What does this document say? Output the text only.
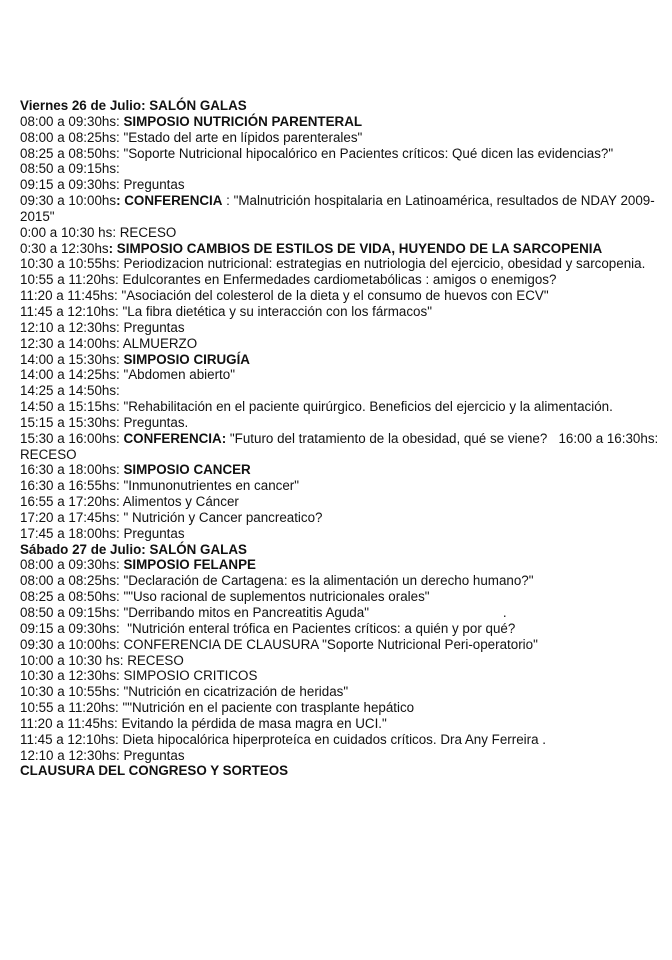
Viernes 26 de Julio: SALÓN GALAS
08:00 a 09:30hs: SIMPOSIO NUTRICIÓN PARENTERAL
08:00 a 08:25hs: "Estado del arte en lípidos parenterales"
08:25 a 08:50hs: "Soporte Nutricional hipocalórico en Pacientes críticos: Qué dicen las evidencias?"
08:50 a 09:15hs:
09:15 a 09:30hs: Preguntas
09:30 a 10:00hs: CONFERENCIA : "Malnutrición hospitalaria en Latinoamérica, resultados de NDAY 2009-2015"
0:00 a 10:30 hs: RECESO
0:30 a 12:30hs: SIMPOSIO CAMBIOS DE ESTILOS DE VIDA, HUYENDO DE LA SARCOPENIA
10:30 a 10:55hs: Periodizacion nutricional: estrategias en nutriologia del ejercicio, obesidad y sarcopenia.
10:55 a 11:20hs: Edulcorantes en Enfermedades cardiometabólicas : amigos o enemigos?
11:20 a 11:45hs: "Asociación del colesterol de la dieta y el consumo de huevos con ECV"
11:45 a 12:10hs: "La fibra dietética y su interacción con los fármacos"
12:10 a 12:30hs: Preguntas
12:30 a 14:00hs: ALMUERZO
14:00 a 15:30hs: SIMPOSIO CIRUGÍA
14:00 a 14:25hs: "Abdomen abierto"
14:25 a 14:50hs:
14:50 a 15:15hs: "Rehabilitación en el paciente quirúrgico. Beneficios del ejercicio y la alimentación.
15:15 a 15:30hs: Preguntas.
15:30 a 16:00hs: CONFERENCIA: "Futuro del tratamiento de la obesidad, qué se viene?   16:00 a 16:30hs: RECESO
16:30 a 18:00hs: SIMPOSIO CANCER
16:30 a 16:55hs: "Inmunonutrientes en cancer"
16:55 a 17:20hs: Alimentos y Cáncer
17:20 a 17:45hs: " Nutrición y Cancer pancreatico?
17:45 a 18:00hs: Preguntas
Sábado 27 de Julio: SALÓN GALAS
08:00 a 09:30hs: SIMPOSIO FELANPE
08:00 a 08:25hs: "Declaración de Cartagena: es la alimentación un derecho humano?"
08:25 a 08:50hs: ""Uso racional de suplementos nutricionales orales"
08:50 a 09:15hs: "Derribando mitos en Pancreatitis Aguda"                                    .
09:15 a 09:30hs:  "Nutrición enteral trófica en Pacientes críticos: a quién y por qué?
09:30 a 10:00hs: CONFERENCIA DE CLAUSURA "Soporte Nutricional Peri-operatorio"
10:00 a 10:30 hs: RECESO
10:30 a 12:30hs: SIMPOSIO CRITICOS
10:30 a 10:55hs: "Nutrición en cicatrización de heridas"
10:55 a 11:20hs: ""Nutrición en el paciente con trasplante hepático
11:20 a 11:45hs: Evitando la pérdida de masa magra en UCI."
11:45 a 12:10hs: Dieta hipocalórica hiperproteíca en cuidados críticos. Dra Any Ferreira .
12:10 a 12:30hs: Preguntas
CLAUSURA DEL CONGRESO Y SORTEOS
